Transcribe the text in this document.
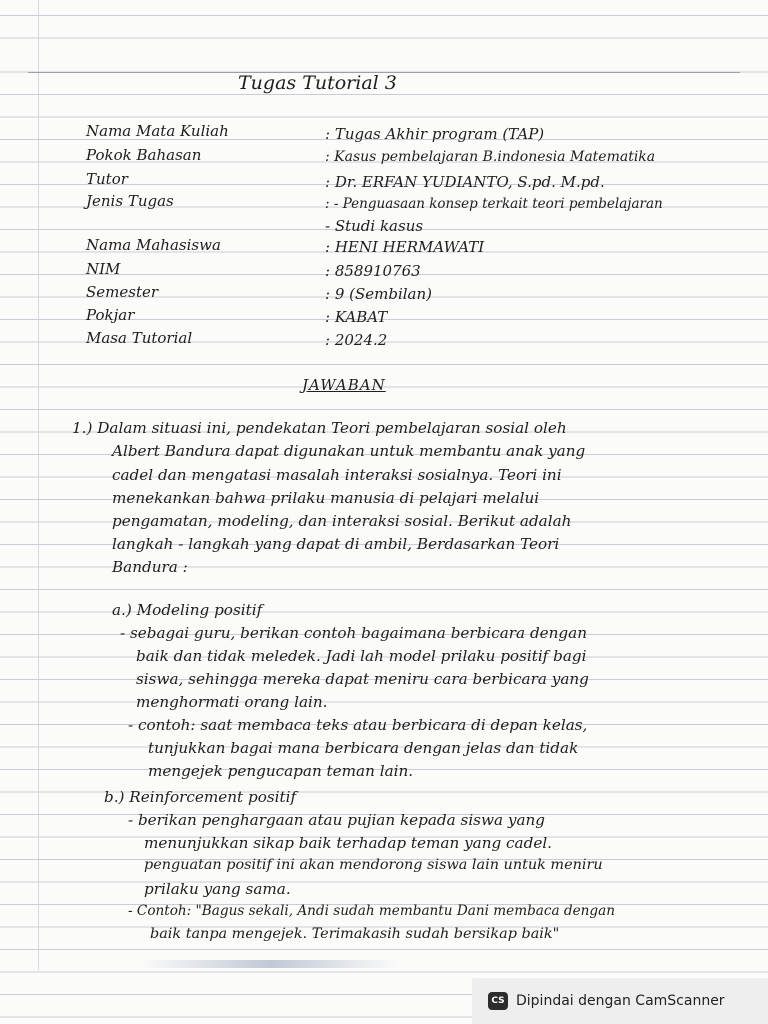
Tugas Tutorial 3
Nama Mata Kuliah	: Tugas Akhir program (TAP)
Pokok Bahasan	: Kasus pembelajaran B.indonesia Matematika
Tutor	: Dr. ERFAN YUDIANTO, S.pd. M.pd.
Jenis Tugas	: - Penguasaan konsep terkait teori pembelajaran
- Studi kasus
Nama Mahasiswa	: HENI HERMAWATI
NIM	: 858910763
Semester	: 9 (Sembilan)
Pokjar	: KABAT
Masa Tutorial	: 2024.2
JAWABAN
1.) Dalam situasi ini, pendekatan Teori pembelajaran sosial oleh
Albert Bandura dapat digunakan untuk membantu anak yang
cadel dan mengatasi masalah interaksi sosialnya. Teori ini
menekankan bahwa prilaku manusia di pelajari melalui
pengamatan, modeling, dan interaksi sosial. Berikut adalah
langkah - langkah yang dapat di ambil, Berdasarkan Teori
Bandura :
a.) Modeling positif
- sebagai guru, berikan contoh bagaimana berbicara dengan
baik dan tidak meledek. Jadi lah model prilaku positif bagi
siswa, sehingga mereka dapat meniru cara berbicara yang
menghormati orang lain.
- contoh: saat membaca teks atau berbicara di depan kelas,
tunjukkan bagai mana berbicara dengan jelas dan tidak
mengejek pengucapan teman lain.
b.) Reinforcement positif
- berikan penghargaan atau pujian kepada siswa yang
menunjukkan sikap baik terhadap teman yang cadel.
penguatan positif ini akan mendorong siswa lain untuk meniru
prilaku yang sama.
- Contoh: "Bagus sekali, Andi sudah membantu Dani membaca dengan
baik tanpa mengejek. Terimakasih sudah bersikap baik"
CS Dipindai dengan CamScanner
